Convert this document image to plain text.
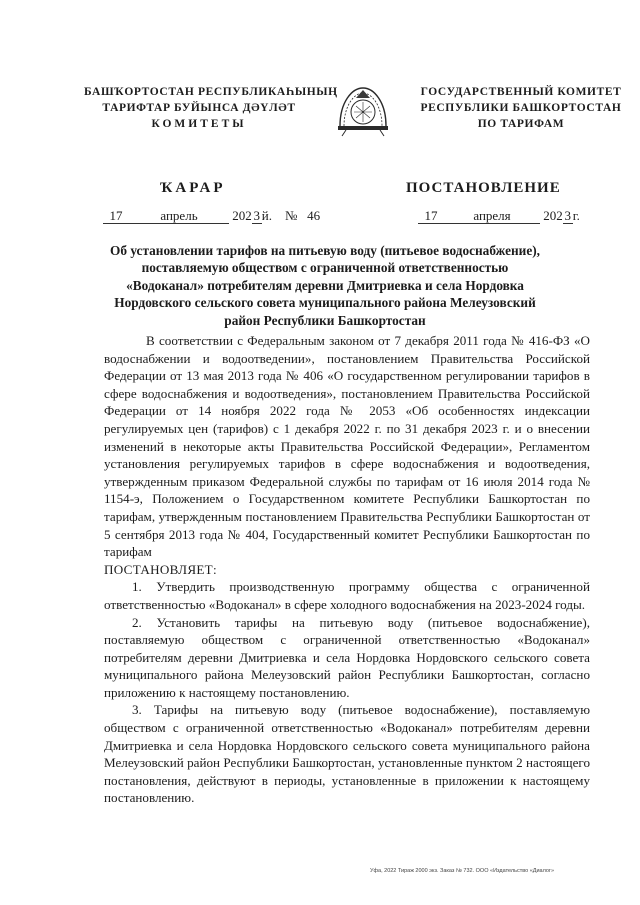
БАШҠОРТОСТАН РЕСПУБЛИКАҺЫНЫҢ
ТАРИФТАР БУЙЫНСА ДӘҮЛӘТ
КОМИТЕТЫ
ГОСУДАРСТВЕННЫЙ КОМИТЕТ
РЕСПУБЛИКИ БАШКОРТОСТАН
ПО ТАРИФАМ
ҠАРАР	ПОСТАНОВЛЕНИЕ
17	апрель	202 3 й. № 46	17	апреля	202 3 г.
Об установлении тарифов на питьевую воду (питьевое водоснабжение),
поставляемую обществом с ограниченной ответственностью
«Водоканал» потребителям деревни Дмитриевка и села Нордовка
Нордовского сельского совета муниципального района Мелеузовский
район Республики Башкортостан

В соответствии с Федеральным законом от 7 декабря 2011 года № 416-ФЗ «О водоснабжении и водоотведении», постановлением Правительства Российской Федерации от 13 мая 2013 года № 406 «О государственном регулировании тарифов в сфере водоснабжения и водоотведения», постановлением Правительства Российской Федерации от 14 ноября 2022 года № 2053 «Об особенностях индексации регулируемых цен (тарифов) с 1 декабря 2022 г. по 31 декабря 2023 г. и о внесении изменений в некоторые акты Правительства Российской Федерации», Регламентом установления регулируемых тарифов в сфере водоснабжения и водоотведения, утвержденным приказом Федеральной службы по тарифам от 16 июля 2014 года № 1154-э, Положением о Государственном комитете Республики Башкортостан по тарифам, утвержденным постановлением Правительства Республики Башкортостан от 5 сентября 2013 года № 404, Государственный комитет Республики Башкортостан по тарифам

ПОСТАНОВЛЯЕТ:

1. Утвердить производственную программу общества с ограниченной ответственностью «Водоканал» в сфере холодного водоснабжения на 2023-2024 годы.

2. Установить тарифы на питьевую воду (питьевое водоснабжение), поставляемую обществом с ограниченной ответственностью «Водоканал» потребителям деревни Дмитриевка и села Нордовка Нордовского сельского совета муниципального района Мелеузовский район Республики Башкортостан, согласно приложению к настоящему постановлению.

3. Тарифы на питьевую воду (питьевое водоснабжение), поставляемую обществом с ограниченной ответственностью «Водоканал» потребителям деревни Дмитриевка и села Нордовка Нордовского сельского совета муниципального района Мелеузовский район Республики Башкортостан, установленные пунктом 2 настоящего постановления, действуют в периоды, установленные в приложении к настоящему постановлению.

Уфа, 2022 Тираж 2000 экз. Заказ № 732. ООО «Издательство «Диалог»
